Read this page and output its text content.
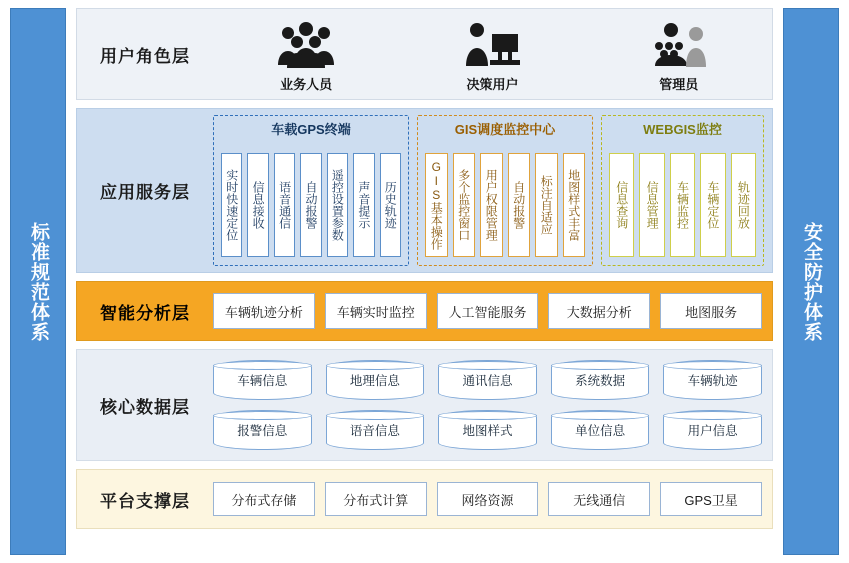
标准规范体系
用户角色层
业务人员	决策用户	管理员
应用服务层
车载GPS终端
实时快速定位	信息接收	语音通信	自动报警	遥控设置参数	声音提示	历史轨迹
GIS调度监控中心
GIS基本操作	多个监控窗口	用户权限管理	自动报警	标注自适应	地图样式丰富
WEBGIS监控
信息查询	信息管理	车辆监控	车辆定位	轨迹回放
智能分析层	车辆轨迹分析	车辆实时监控	人工智能服务	大数据分析	地图服务
核心数据层
车辆信息	地理信息	通讯信息	系统数据	车辆轨迹
报警信息	语音信息	地图样式	单位信息	用户信息
平台支撑层	分布式存储	分布式计算	网络资源	无线通信	GPS卫星
安全防护体系
